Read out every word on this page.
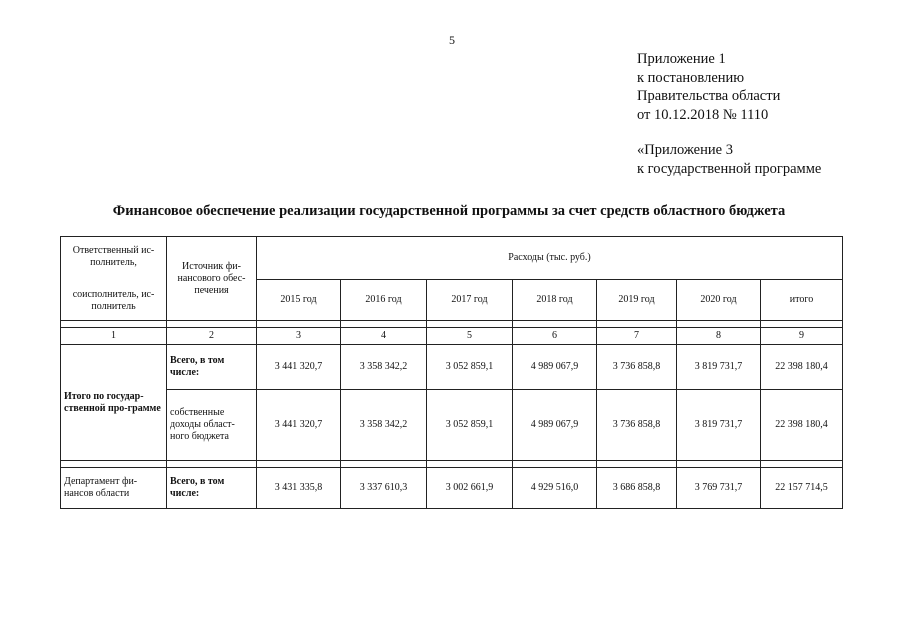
5
Приложение 1
к постановлению
Правительства области
от 10.12.2018 № 1110
«Приложение 3
к государственной программе
Финансовое обеспечение реализации государственной программы за счет средств областного бюджета
Ответственный ис-полнитель,
соисполнитель, ис-полнитель	Источник фи-нансового обес-печения	Расходы (тыс. руб.)						
		2015 год	2016 год	2017 год	2018 год	2019 год	2020 год	итого

1	2	3	4	5	6	7	8	9
Итого по государ-ственной про-грамме	Всего, в том числе:	3 441 320,7	3 358 342,2	3 052 859,1	4 989 067,9	3 736 858,8	3 819 731,7	22 398 180,4
	собственные доходы област-ного бюджета	3 441 320,7	3 358 342,2	3 052 859,1	4 989 067,9	3 736 858,8	3 819 731,7	22 398 180,4

Департамент фи-нансов области	Всего, в том числе:	3 431 335,8	3 337 610,3	3 002 661,9	4 929 516,0	3 686 858,8	3 769 731,7	22 157 714,5
